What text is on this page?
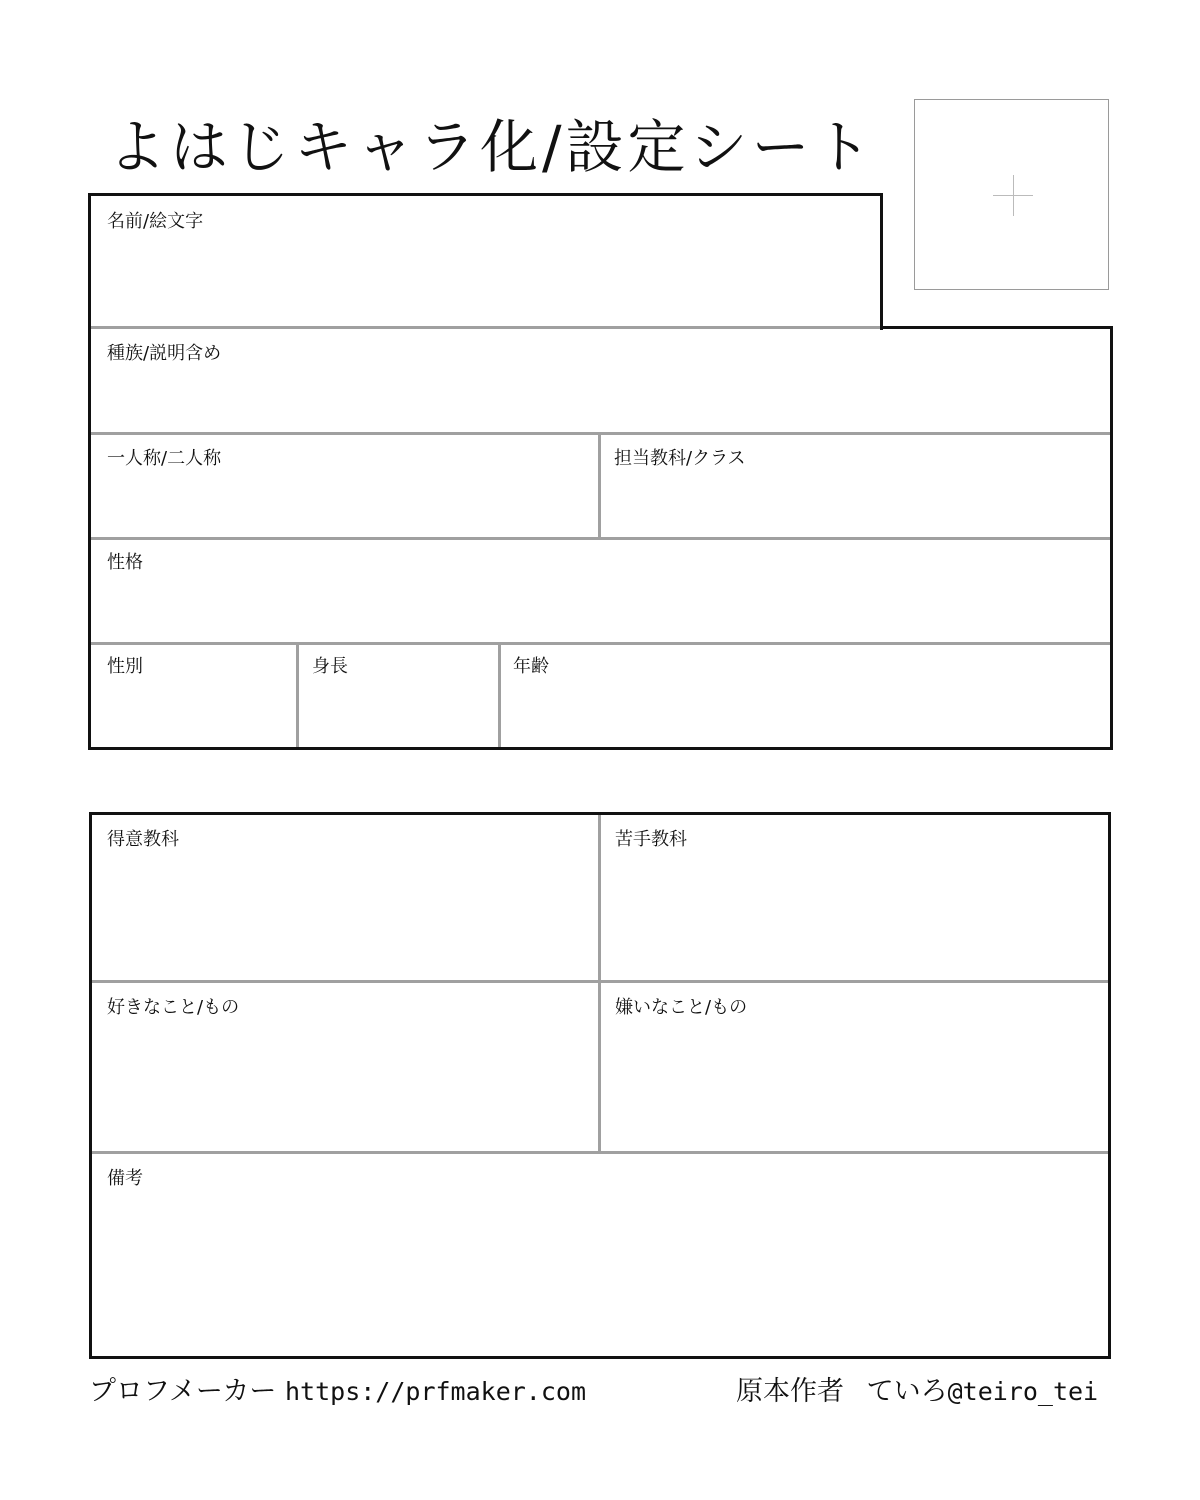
よはじキャラ化/設定シート
名前/絵文字
種族/説明含め
一人称/二人称	担当教科/クラス
性格
性別	身長	年齢
得意教科	苦手教科
好きなこと/もの	嫌いなこと/もの
備考
プロフメーカー https://prfmaker.com	原本作者 ていろ@teiro_tei
